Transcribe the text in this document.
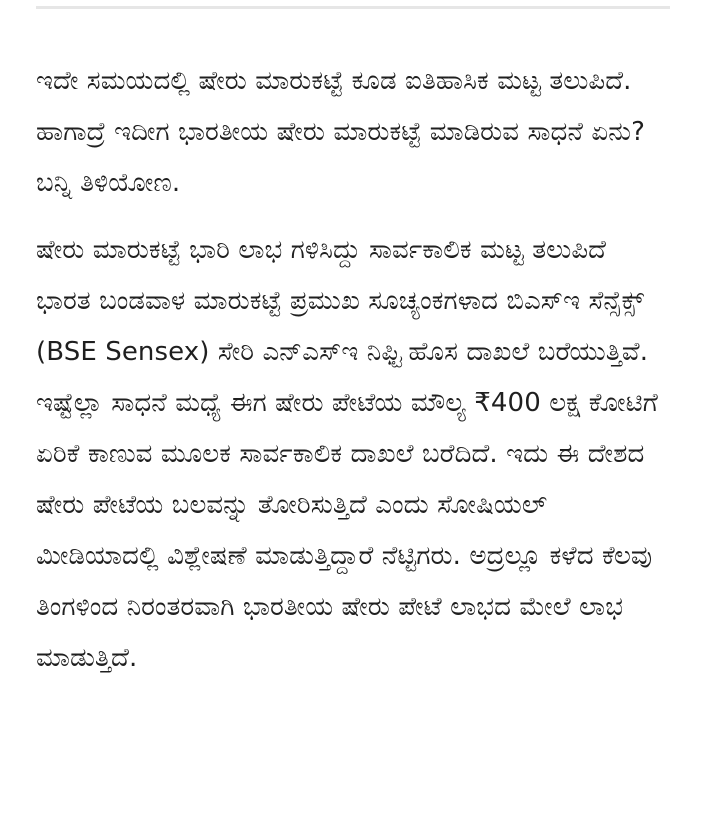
ಇದೇ ಸಮಯದಲ್ಲಿ ಷೇರು ಮಾರುಕಟ್ಟೆ ಕೂಡ ಐತಿಹಾಸಿಕ ಮಟ್ಟ ತಲುಪಿದೆ. ಹಾಗಾದ್ರೆ ಇದೀಗ ಭಾರತೀಯ ಷೇರು ಮಾರುಕಟ್ಟೆ ಮಾಡಿರುವ ಸಾಧನೆ ಏನು? ಬನ್ನಿ ತಿಳಿಯೋಣ.

ಷೇರು ಮಾರುಕಟ್ಟೆ ಭಾರಿ ಲಾಭ ಗಳಿಸಿದ್ದು ಸಾರ್ವಕಾಲಿಕ ಮಟ್ಟ ತಲುಪಿದೆ ಭಾರತ ಬಂಡವಾಳ ಮಾರುಕಟ್ಟೆ ಪ್ರಮುಖ ಸೂಚ್ಯಂಕಗಳಾದ ಬಿಎಸ್‌ಇ ಸೆನ್ಸೆಕ್ಸ್ (BSE Sensex) ಸೇರಿ ಎನ್‌ಎಸ್‌ಇ ನಿಫ್ಟಿ ಹೊಸ ದಾಖಲೆ ಬರೆಯುತ್ತಿವೆ. ಇಷ್ಟೆಲ್ಲಾ ಸಾಧನೆ ಮಧ್ಯೆ ಈಗ ಷೇರು ಪೇಟೆಯ ಮೌಲ್ಯ ₹400 ಲಕ್ಷ ಕೋಟಿಗೆ ಏರಿಕೆ ಕಾಣುವ ಮೂಲಕ ಸಾರ್ವಕಾಲಿಕ ದಾಖಲೆ ಬರೆದಿದೆ. ಇದು ಈ ದೇಶದ ಷೇರು ಪೇಟೆಯ ಬಲವನ್ನು ತೋರಿಸುತ್ತಿದೆ ಎಂದು ಸೋಷಿಯಲ್ ಮೀಡಿಯಾದಲ್ಲಿ ವಿಶ್ಲೇಷಣೆ ಮಾಡುತ್ತಿದ್ದಾರೆ ನೆಟ್ಟಿಗರು. ಅದ್ರಲ್ಲೂ ಕಳೆದ ಕೆಲವು ತಿಂಗಳಿಂದ ನಿರಂತರವಾಗಿ ಭಾರತೀಯ ಷೇರು ಪೇಟೆ ಲಾಭದ ಮೇಲೆ ಲಾಭ ಮಾಡುತ್ತಿದೆ.
